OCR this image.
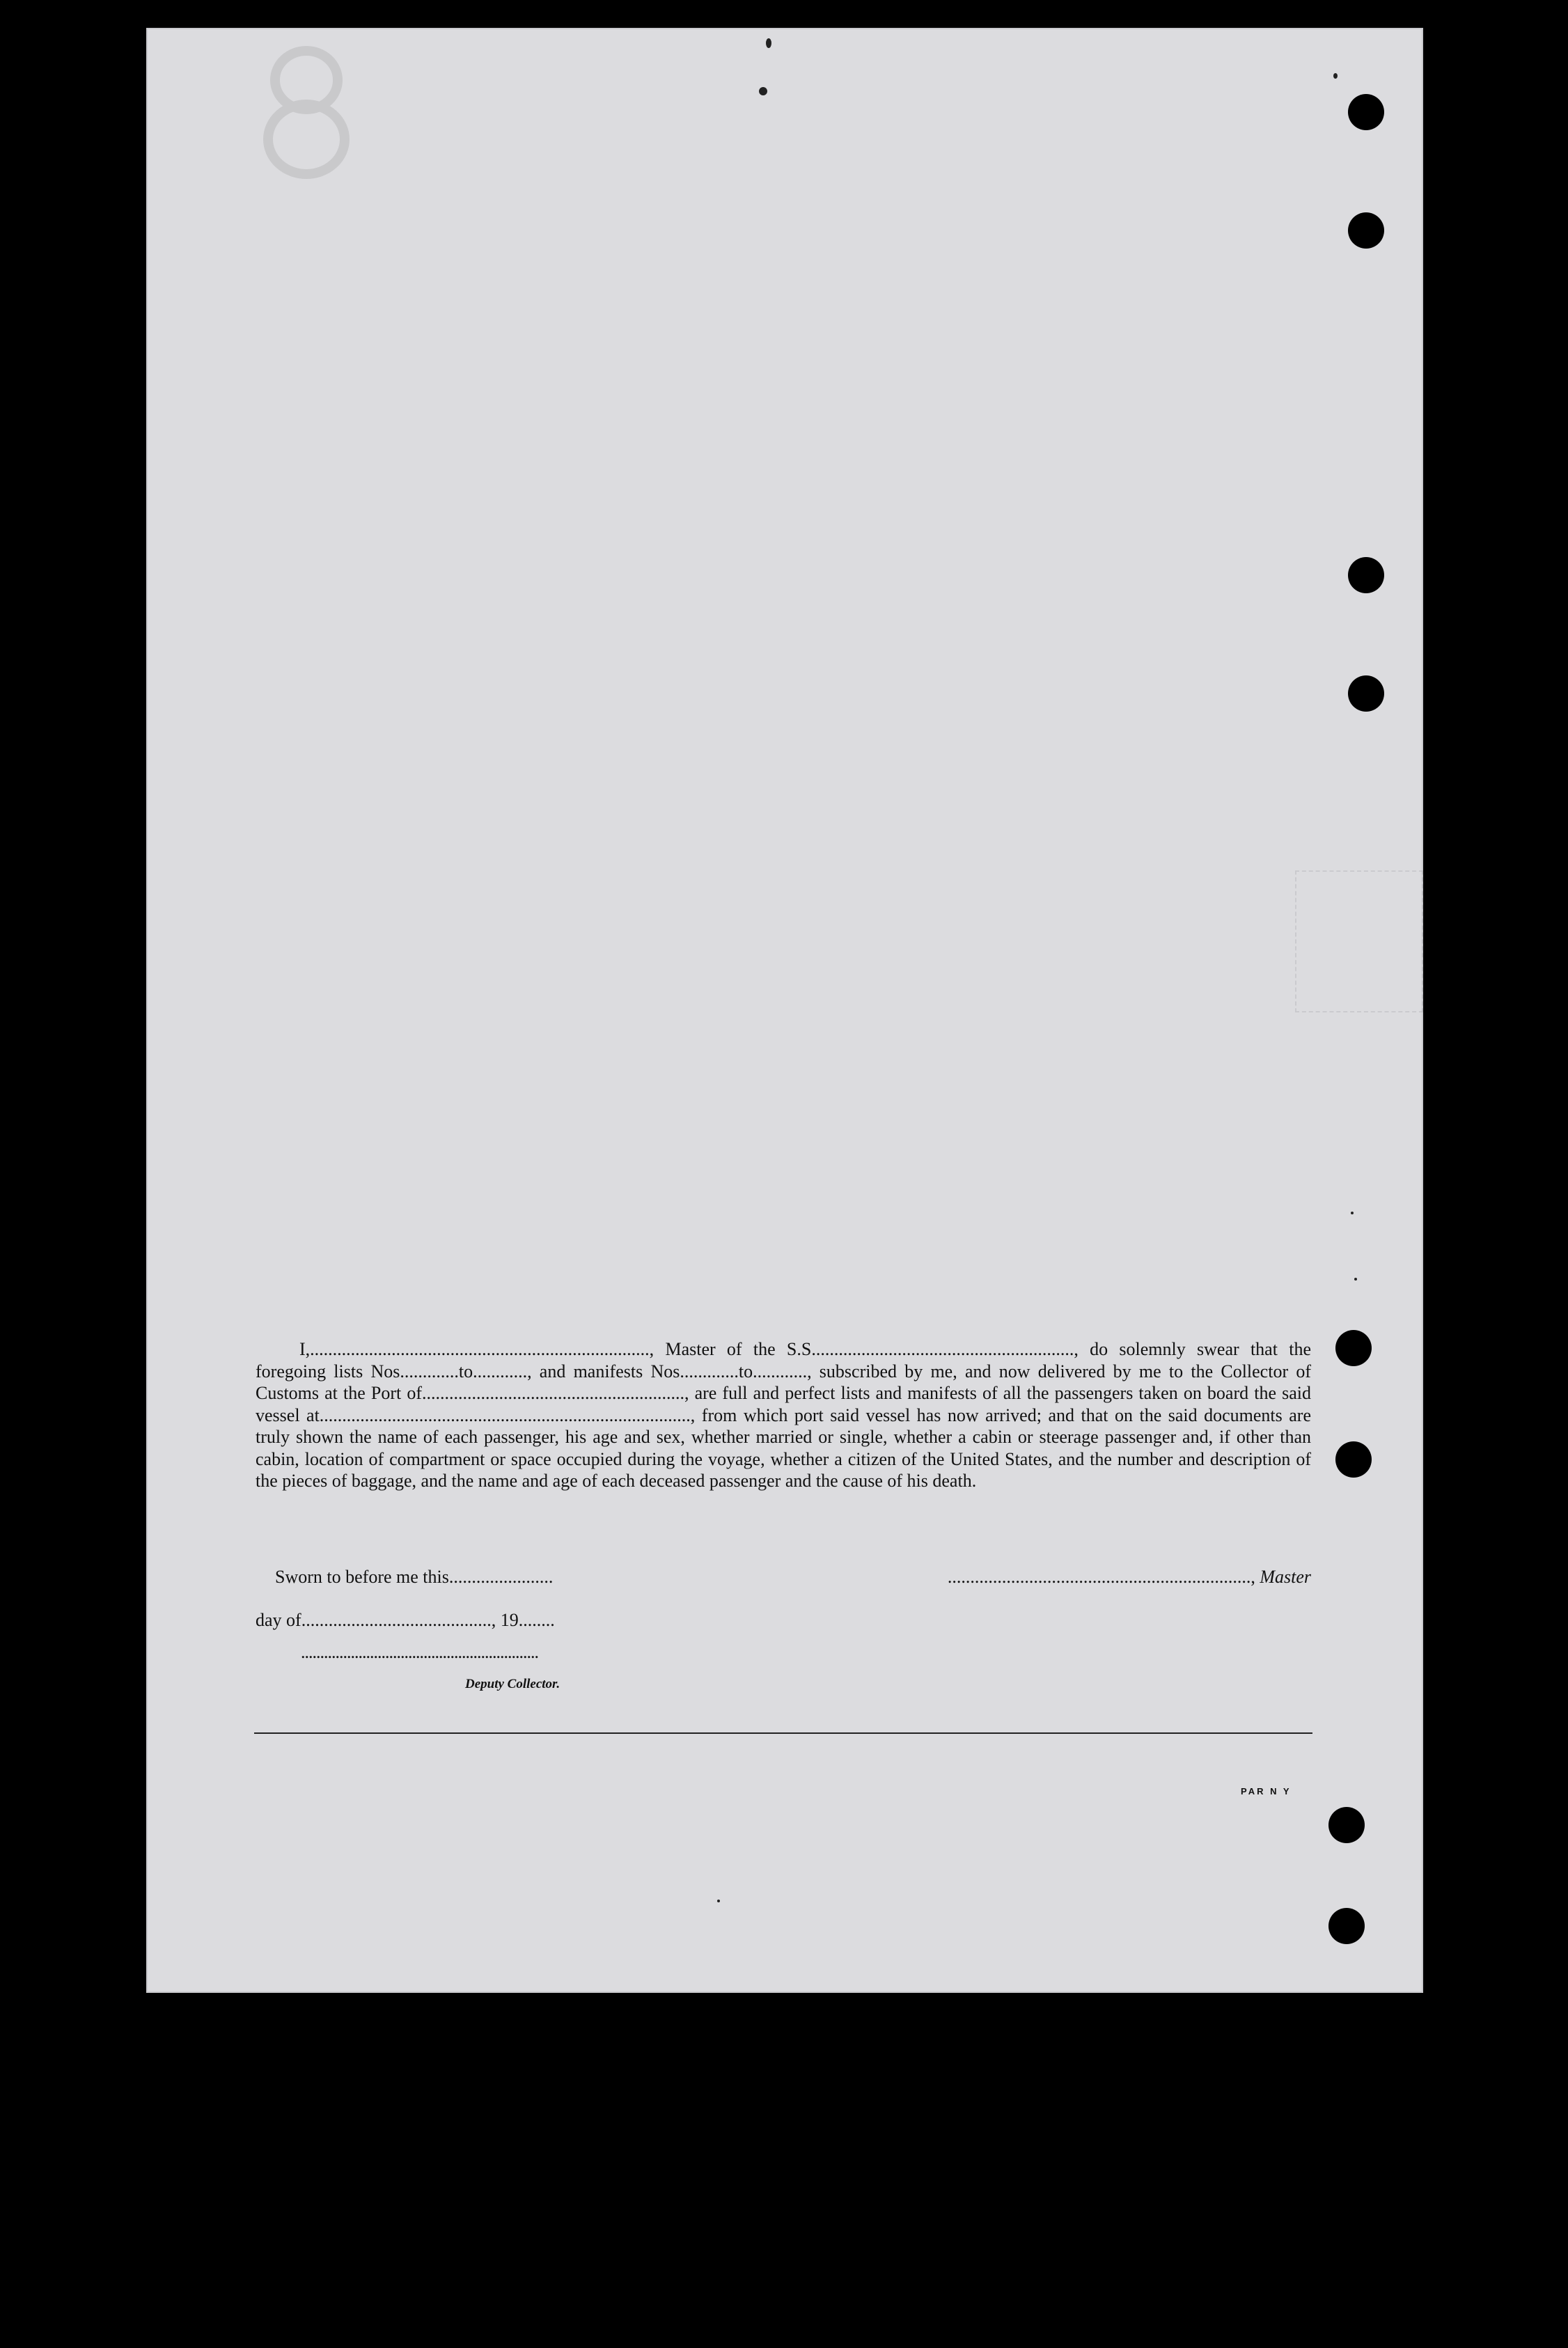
I,..........................................................................., Master of the S.S.........................................................., do solemnly swear that the foregoing lists Nos.............to............, and manifests Nos.............to............, subscribed by me, and now delivered by me to the Collector of Customs at the Port of.........................................................., are full and perfect lists and manifests of all the passengers taken on board the said vessel at.................................................................................., from which port said vessel has now arrived; and that on the said documents are truly shown the name of each passenger, his age and sex, whether married or single, whether a cabin or steerage passenger and, if other than cabin, location of compartment or space occupied during the voyage, whether a citizen of the United States, and the number and description of the pieces of baggage, and the name and age of each deceased passenger and the cause of his death.

Sworn to before me this.......................	..................................................................., Master
day of.........................................., 19........
..............................................................
Deputy Collector.
PAR N Y
